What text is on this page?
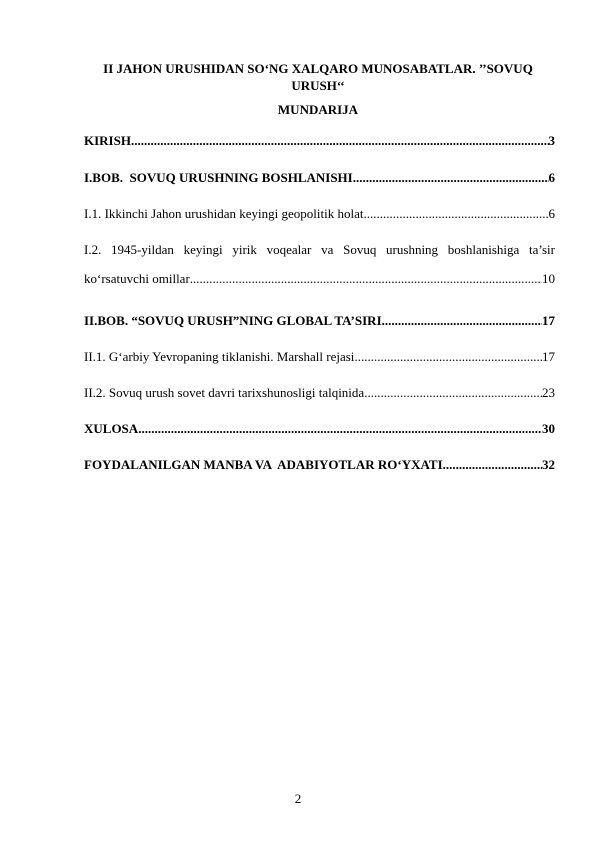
II JAHON URUSHIDAN SO‘NG XALQARO MUNOSABATLAR. ’’SOVUQ URUSH‘‘
MUNDARIJA
KIRISH .....	3
I.BOB.  SOVUQ URUSHNING BOSHLANISHI .....	6
I.1. Ikkinchi Jahon urushidan keyingi geopolitik holat .....	6
I.2. 1945-yildan keyingi yirik voqealar va Sovuq urushning boshlanishiga ta’sir
ko‘rsatuvchi omillar .....	10
II.BOB. “SOVUQ URUSH”NING GLOBAL TA’SIRI .....	17
II.1. G‘arbiy Yevropaning tiklanishi. Marshall rejasi .....	17
II.2. Sovuq urush sovet davri tarixshunosligi talqinida .....	23
XULOSA .....	30
FOYDALANILGAN MANBA VA  ADABIYOTLAR RO‘YXATI .....	32
2
